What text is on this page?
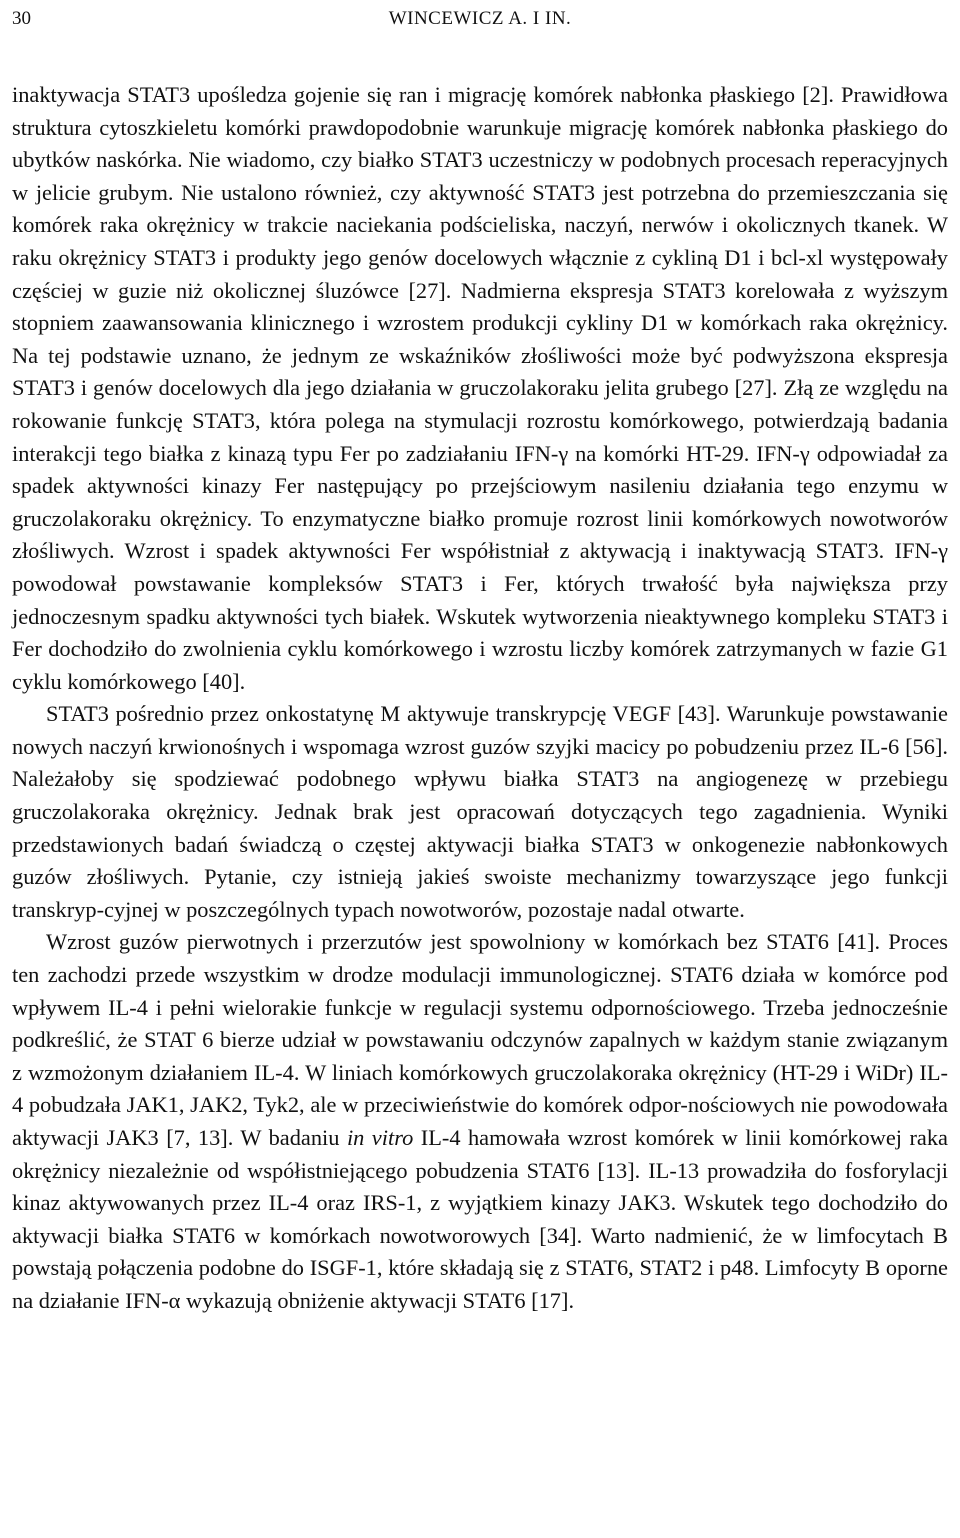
30	WINCEWICZ A. I IN.

inaktywacja STAT3 upośledza gojenie się ran i migrację komórek nabłonka płaskiego [2]. Prawidłowa struktura cytoszkieletu komórki prawdopodobnie warunkuje migrację komórek nabłonka płaskiego do ubytków naskórka. Nie wiadomo, czy białko STAT3 uczestniczy w podobnych procesach reperacyjnych w jelicie grubym. Nie ustalono również, czy aktywność STAT3 jest potrzebna do przemieszczania się komórek raka okrężnicy w trakcie naciekania podścieliska, naczyń, nerwów i okolicznych tkanek. W raku okrężnicy STAT3 i produkty jego genów docelowych włącznie z cykliną D1 i bcl-xl występowały częściej w guzie niż okolicznej śluzówce [27]. Nadmierna ekspresja STAT3 korelowała z wyższym stopniem zaawansowania klinicznego i wzrostem produkcji cykliny D1 w komórkach raka okrężnicy. Na tej podstawie uznano, że jednym ze wskaźników złośliwości może być podwyższona ekspresja STAT3 i genów docelowych dla jego działania w gruczolakoraku jelita grubego [27]. Złą ze względu na rokowanie funkcję STAT3, która polega na stymulacji rozrostu komórkowego, potwierdzają badania interakcji tego białka z kinazą typu Fer po zadziałaniu IFN-γ na komórki HT-29. IFN-γ odpowiadał za spadek aktywności kinazy Fer następujący po przejściowym nasileniu działania tego enzymu w gruczolakoraku okrężnicy. To enzymatyczne białko promuje rozrost linii komórkowych nowotworów złośliwych. Wzrost i spadek aktywności Fer współistniał z aktywacją i inaktywacją STAT3. IFN-γ powodował powstawanie kompleksów STAT3 i Fer, których trwałość była największa przy jednoczesnym spadku aktywności tych białek. Wskutek wytworzenia nieaktywnego kompleku STAT3 i Fer dochodziło do zwolnienia cyklu komórkowego i wzrostu liczby komórek zatrzymanych w fazie G1 cyklu komórkowego [40].

STAT3 pośrednio przez onkostatynę M aktywuje transkrypcję VEGF [43]. Warunkuje powstawanie nowych naczyń krwionośnych i wspomaga wzrost guzów szyjki macicy po pobudzeniu przez IL-6 [56]. Należałoby się spodziewać podobnego wpływu białka STAT3 na angiogenezę w przebiegu gruczolakoraka okrężnicy. Jednak brak jest opracowań dotyczących tego zagadnienia. Wyniki przedstawionych badań świadczą o częstej aktywacji białka STAT3 w onkogenezie nabłonkowych guzów złośliwych. Pytanie, czy istnieją jakieś swoiste mechanizmy towarzyszące jego funkcji transkryp-cyjnej w poszczególnych typach nowotworów, pozostaje nadal otwarte.

Wzrost guzów pierwotnych i przerzutów jest spowolniony w komórkach bez STAT6 [41]. Proces ten zachodzi przede wszystkim w drodze modulacji immunologicznej. STAT6 działa w komórce pod wpływem IL-4 i pełni wielorakie funkcje w regulacji systemu odpornościowego. Trzeba jednocześnie podkreślić, że STAT 6 bierze udział w powstawaniu odczynów zapalnych w każdym stanie związanym z wzmożonym działaniem IL-4. W liniach komórkowych gruczolakoraka okrężnicy (HT-29 i WiDr) IL-4 pobudzała JAK1, JAK2, Tyk2, ale w przeciwieństwie do komórek odpor-nościowych nie powodowała aktywacji JAK3 [7, 13]. W badaniu in vitro IL-4 hamowała wzrost komórek w linii komórkowej raka okrężnicy niezależnie od współistniejącego pobudzenia STAT6 [13]. IL-13 prowadziła do fosforylacji kinaz aktywowanych przez IL-4 oraz IRS-1, z wyjątkiem kinazy JAK3. Wskutek tego dochodziło do aktywacji białka STAT6 w komórkach nowotworowych [34]. Warto nadmienić, że w limfocytach B powstają połączenia podobne do ISGF-1, które składają się z STAT6, STAT2 i p48. Limfocyty B oporne na działanie IFN-α wykazują obniżenie aktywacji STAT6 [17].
